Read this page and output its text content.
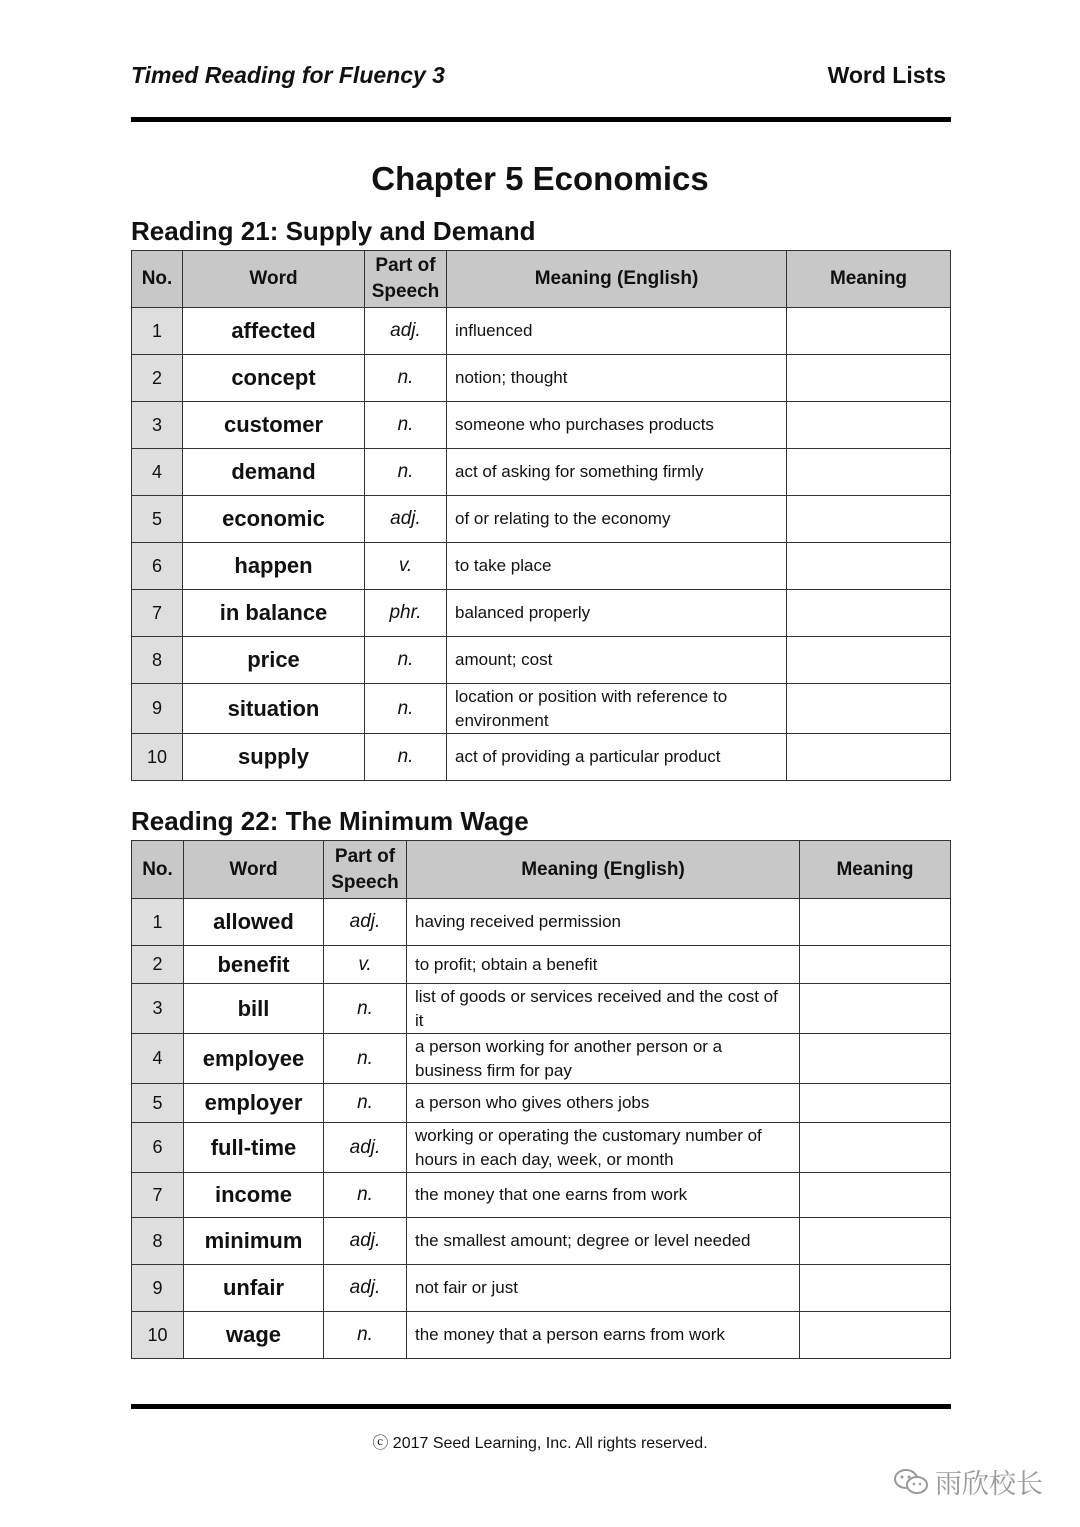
Timed Reading for Fluency 3	Word Lists
Chapter 5 Economics
Reading 21: Supply and Demand
No.	Word	Part of Speech	Meaning (English)	Meaning
1	affected	adj.	influenced	
2	concept	n.	notion; thought	
3	customer	n.	someone who purchases products	
4	demand	n.	act of asking for something firmly	
5	economic	adj.	of or relating to the economy	
6	happen	v.	to take place	
7	in balance	phr.	balanced properly	
8	price	n.	amount; cost	
9	situation	n.	location or position with reference to environment	
10	supply	n.	act of providing a particular product	
Reading 22: The Minimum Wage
No.	Word	Part of Speech	Meaning (English)	Meaning
1	allowed	adj.	having received permission	
2	benefit	v.	to profit; obtain a benefit	
3	bill	n.	list of goods or services received and the cost of it	
4	employee	n.	a person working for another person or a business firm for pay	
5	employer	n.	a person who gives others jobs	
6	full-time	adj.	working or operating the customary number of hours in each day, week, or month	
7	income	n.	the money that one earns from work	
8	minimum	adj.	the smallest amount; degree or level needed	
9	unfair	adj.	not fair or just	
10	wage	n.	the money that a person earns from work	
ⓒ 2017 Seed Learning, Inc. All rights reserved.
雨欣校长
